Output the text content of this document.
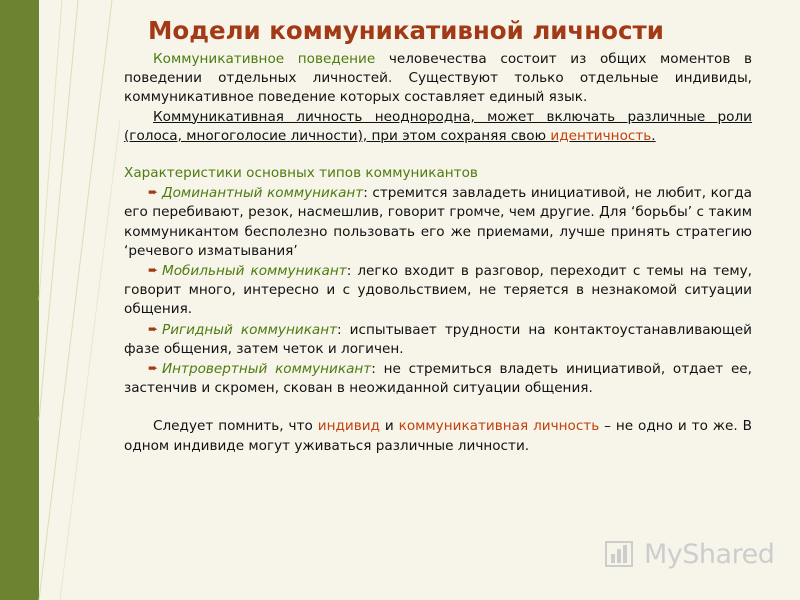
Модели коммуникативной личности

Коммуникативное поведение человечества состоит из общих моментов в поведении отдельных личностей. Существуют только отдельные индивиды, коммуникативное поведение которых составляет единый язык.

Коммуникативная личность неоднородна, может включать различные роли (голоса, многоголосие личности), при этом сохраняя свою идентичность.

Характеристики основных типов коммуникантов

➨ Доминантный коммуникант: стремится завладеть инициативой, не любит, когда его перебивают, резок, насмешлив, говорит громче, чем другие. Для ‘борьбы’ с таким коммуникантом бесполезно пользовать его же приемами, лучше принять стратегию ‘речевого изматывания’

➨ Мобильный коммуникант: легко входит в разговор, переходит с темы на тему, говорит много, интересно и с удовольствием, не теряется в незнакомой ситуации общения.

➨ Ригидный коммуникант: испытывает трудности на контактоустанавливающей фазе общения, затем четок и логичен.

➨ Интровертный коммуникант: не стремиться владеть инициативой, отдает ее, застенчив и скромен, скован в неожиданной ситуации общения.

Следует помнить, что индивид и коммуникативная личность – не одно и то же. В одном индивиде могут уживаться различные личности.

MyShared
